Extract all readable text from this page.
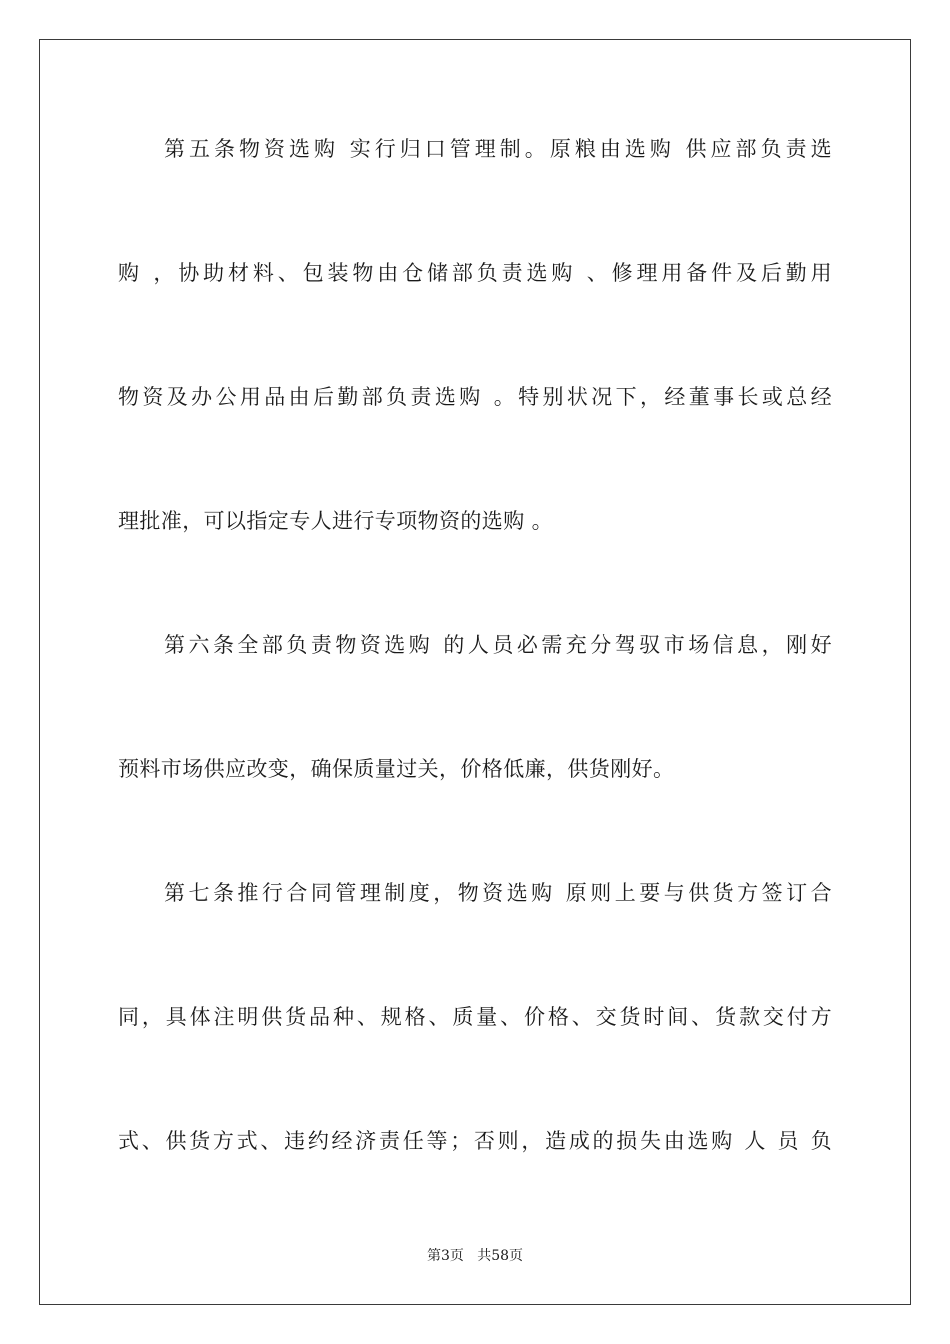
第五条物资选购 实行归口管理制。原粮由选购 供应部负责选
购 ，协助材料、包装物由仓储部负责选购 、修理用备件及后勤用
物资及办公用品由后勤部负责选购 。特别状况下，经董事长或总经
理批准，可以指定专人进行专项物资的选购 。
第六条全部负责物资选购 的人员必需充分驾驭市场信息，刚好
预料市场供应改变，确保质量过关，价格低廉，供货刚好。
第七条推行合同管理制度，物资选购 原则上要与供货方签订合
同，具体注明供货品种、规格、质量、价格、交货时间、货款交付方
式、供货方式、违约经济责任等；否则，造成的损失由选购 人 员 负
第3页 共58页
